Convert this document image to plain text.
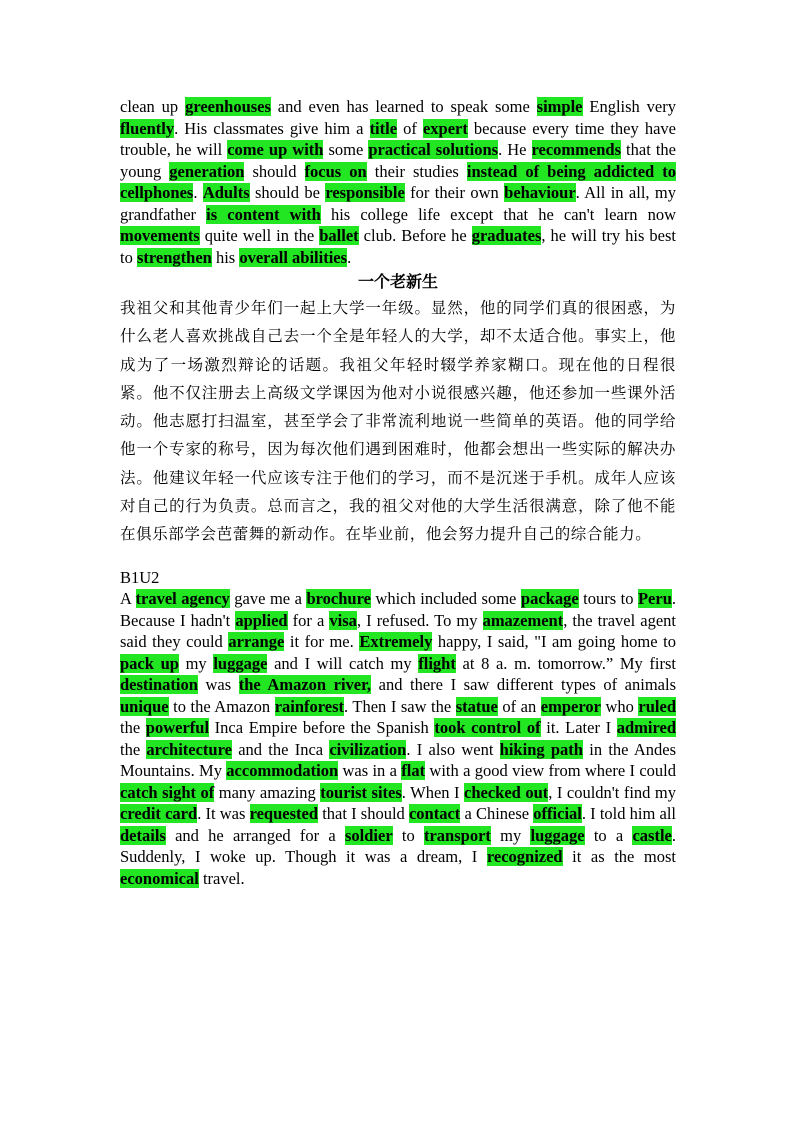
clean up greenhouses and even has learned to speak some simple English very fluently. His classmates give him a title of expert because every time they have trouble, he will come up with some practical solutions. He recommends that the young generation should focus on their studies instead of being addicted to cellphones. Adults should be responsible for their own behaviour. All in all, my grandfather is content with his college life except that he can't learn now movements quite well in the ballet club. Before he graduates, he will try his best to strengthen his overall abilities.

一个老新生

我祖父和其他青少年们一起上大学一年级。显然，他的同学们真的很困惑，为什么老人喜欢挑战自己去一个全是年轻人的大学，却不太适合他。事实上，他成为了一场激烈辩论的话题。我祖父年轻时辍学养家糊口。现在他的日程很紧。他不仅注册去上高级文学课因为他对小说很感兴趣，他还参加一些课外活动。他志愿打扫温室，甚至学会了非常流利地说一些简单的英语。他的同学给他一个专家的称号，因为每次他们遇到困难时，他都会想出一些实际的解决办法。他建议年轻一代应该专注于他们的学习，而不是沉迷于手机。成年人应该对自己的行为负责。总而言之，我的祖父对他的大学生活很满意，除了他不能在俱乐部学会芭蕾舞的新动作。在毕业前，他会努力提升自己的综合能力。

B1U2

A travel agency gave me a brochure which included some package tours to Peru. Because I hadn't applied for a visa, I refused. To my amazement, the travel agent said they could arrange it for me. Extremely happy, I said, "I am going home to pack up my luggage and I will catch my flight at 8 a. m. tomorrow.” My first destination was the Amazon river, and there I saw different types of animals unique to the Amazon rainforest. Then I saw the statue of an emperor who ruled the powerful Inca Empire before the Spanish took control of it. Later I admired the architecture and the Inca civilization. I also went hiking path in the Andes Mountains. My accommodation was in a flat with a good view from where I could catch sight of many amazing tourist sites. When I checked out, I couldn't find my credit card. It was requested that I should contact a Chinese official. I told him all details and he arranged for a soldier to transport my luggage to a castle. Suddenly, I woke up. Though it was a dream, I recognized it as the most economical travel.
